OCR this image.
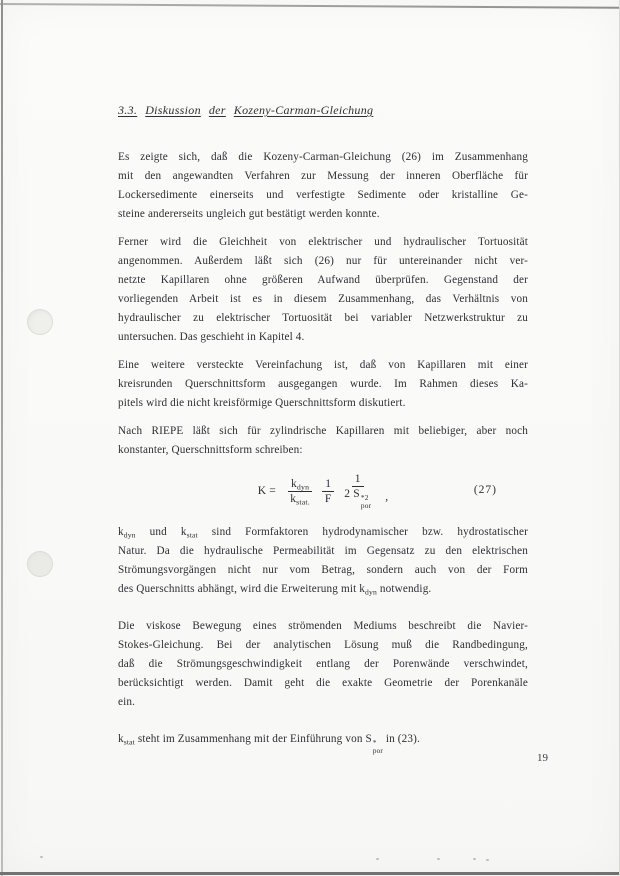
3.3. Diskussion der Kozeny-Carman-Gleichung
Es zeigte sich, daß die Kozeny-Carman-Gleichung (26) im Zusammenhang
mit den angewandten Verfahren zur Messung der inneren Oberfläche für
Lockersedimente einerseits und verfestigte Sedimente oder kristalline Ge-
steine andererseits ungleich gut bestätigt werden konnte.
Ferner wird die Gleichheit von elektrischer und hydraulischer Tortuosität
angenommen. Außerdem läßt sich (26) nur für untereinander nicht ver-
netzte Kapillaren ohne größeren Aufwand überprüfen. Gegenstand der
vorliegenden Arbeit ist es in diesem Zusammenhang, das Verhältnis von
hydraulischer zu elektrischer Tortuosität bei variabler Netzwerkstruktur zu
untersuchen. Das geschieht in Kapitel 4.
Eine weitere versteckte Vereinfachung ist, daß von Kapillaren mit einer
kreisrunden Querschnittsform ausgegangen wurde. Im Rahmen dieses Ka-
pitels wird die nicht kreisförmige Querschnittsform diskutiert.
Nach RIEPE läßt sich für zylindrische Kapillaren mit beliebiger, aber noch
konstanter, Querschnittsform schreiben:
$K = \frac{k_{dyn}}{k_{stat.}} \frac{1}{F} 1$
2 S *2
por ,
(27)
$k_{dyn}$ und $k_{stat}$ sind Formfaktoren hydrodynamischer bzw. hydrostatischer
Natur. Da die hydraulische Permeabilität im Gegensatz zu den elektrischen
Strömungsvorgängen nicht nur vom Betrag, sondern auch von der Form
des Querschnitts abhängt, wird die Erweiterung mit $k_{dyn}$ notwendig.
Die viskose Bewegung eines strömenden Mediums beschreibt die Navier-
Stokes-Gleichung. Bei der analytischen Lösung muß die Randbedingung,
daß die Strömungsgeschwindigkeit entlang der Porenwände verschwindet,
berücksichtigt werden. Damit geht die exakte Geometrie der Porenkanäle
ein.
$k_{stat}$ steht im Zusammenhang mit der Einführung von S *
por
in (23).
19
